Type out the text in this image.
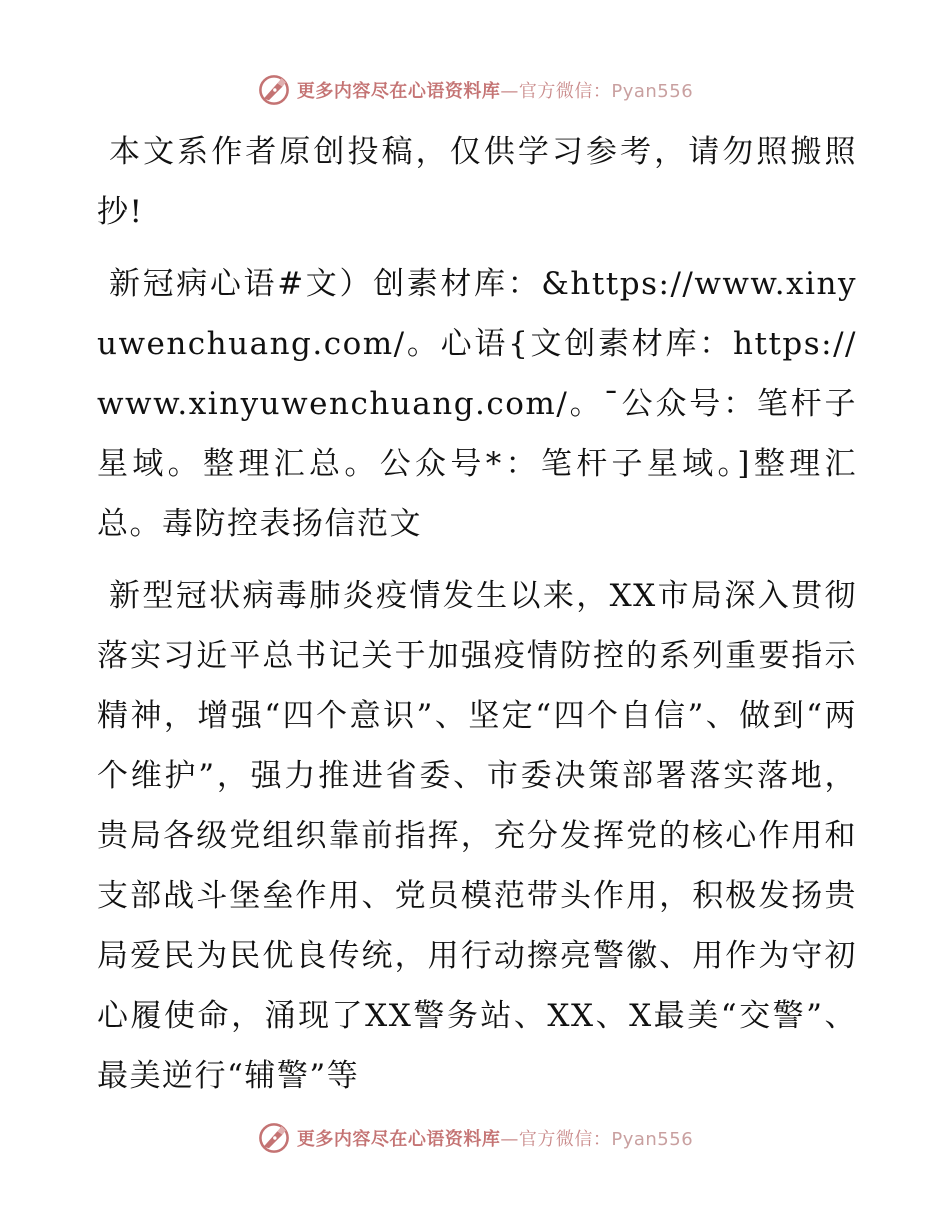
更多内容尽在心语资料库—官方微信：Pyan556

本文系作者原创投稿，仅供学习参考，请勿照搬照抄!

新冠病心语#文）创素材库：&https://www.xinyuwenchuang.com/。心语{文创素材库：https://www.xinyuwenchuang.com/。¯公众号：笔杆子星域。整理汇总。公众号*：笔杆子星域。]整理汇总。毒防控表扬信范文

新型冠状病毒肺炎疫情发生以来，XX市局深入贯彻落实习近平总书记关于加强疫情防控的系列重要指示精神，增强“四个意识”、坚定“四个自信”、做到“两个维护”，强力推进省委、市委决策部署落实落地，贵局各级党组织靠前指挥，充分发挥党的核心作用和支部战斗堡垒作用、党员模范带头作用，积极发扬贵局爱民为民优良传统，用行动擦亮警徽、用作为守初心履使命，涌现了XX警务站、XX、X最美“交警”、最美逆行“辅警”等

更多内容尽在心语资料库—官方微信：Pyan556
